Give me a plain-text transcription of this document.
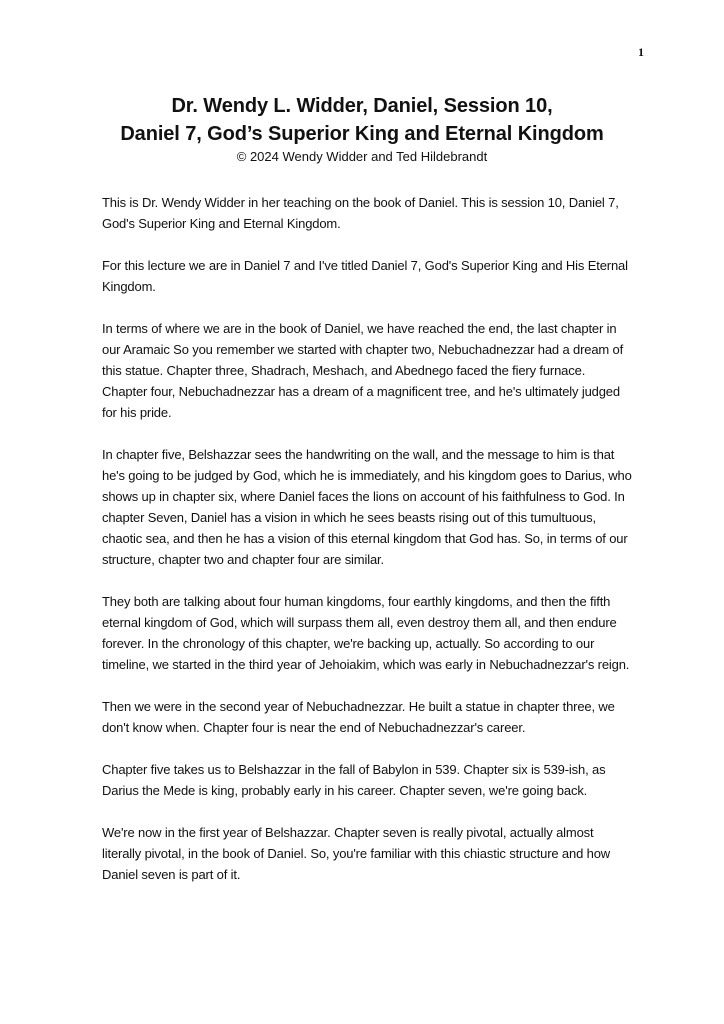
1

Dr. Wendy L. Widder, Daniel, Session 10,

Daniel 7, God’s Superior King and Eternal Kingdom

© 2024 Wendy Widder and Ted Hildebrandt

This is Dr. Wendy Widder in her teaching on the book of Daniel. This is session 10, Daniel 7, God's Superior King and Eternal Kingdom.

For this lecture we are in Daniel 7 and I've titled Daniel 7, God's Superior King and His Eternal Kingdom.

In terms of where we are in the book of Daniel, we have reached the end, the last chapter in our Aramaic So you remember we started with chapter two, Nebuchadnezzar had a dream of this statue. Chapter three, Shadrach, Meshach, and Abednego faced the fiery furnace. Chapter four, Nebuchadnezzar has a dream of a magnificent tree, and he's ultimately judged for his pride.

In chapter five, Belshazzar sees the handwriting on the wall, and the message to him is that he's going to be judged by God, which he is immediately, and his kingdom goes to Darius, who shows up in chapter six, where Daniel faces the lions on account of his faithfulness to God. In chapter Seven, Daniel has a vision in which he sees beasts rising out of this tumultuous, chaotic sea, and then he has a vision of this eternal kingdom that God has. So, in terms of our structure, chapter two and chapter four are similar.

They both are talking about four human kingdoms, four earthly kingdoms, and then the fifth eternal kingdom of God, which will surpass them all, even destroy them all, and then endure forever. In the chronology of this chapter, we're backing up, actually. So according to our timeline, we started in the third year of Jehoiakim, which was early in Nebuchadnezzar's reign.

Then we were in the second year of Nebuchadnezzar. He built a statue in chapter three, we don't know when. Chapter four is near the end of Nebuchadnezzar's career.

Chapter five takes us to Belshazzar in the fall of Babylon in 539. Chapter six is 539-ish, as Darius the Mede is king, probably early in his career. Chapter seven, we're going back.

We're now in the first year of Belshazzar. Chapter seven is really pivotal, actually almost literally pivotal, in the book of Daniel. So, you're familiar with this chiastic structure and how Daniel seven is part of it.
